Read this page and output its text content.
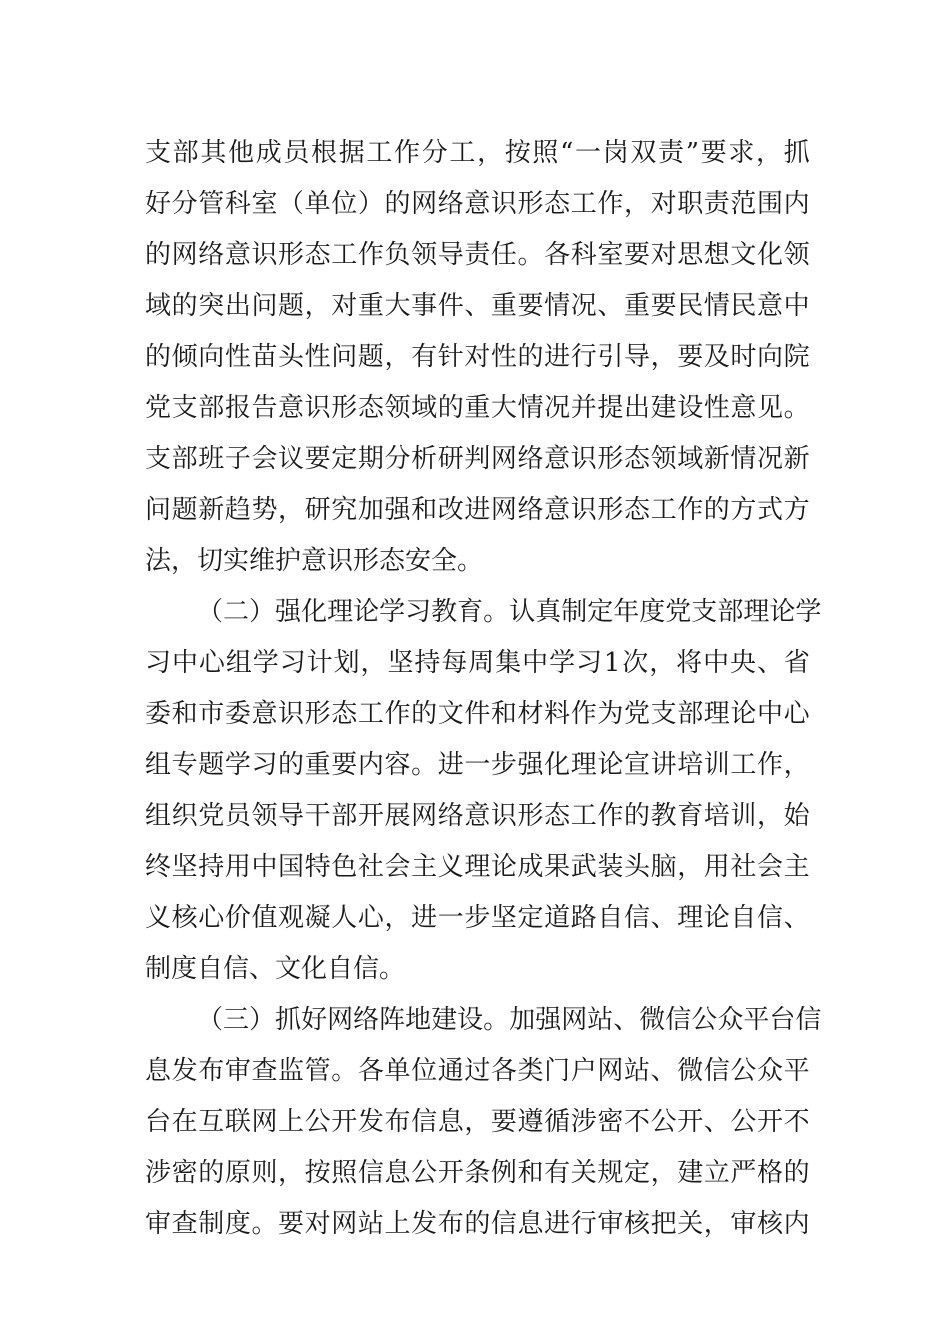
支 部 其 他 成 员 根 据 工 作 分 工 ， 按 照 “ 一 岗 双 责 ” 要 求 ， 抓
好 分 管 科 室 （ 单 位 ） 的 网 络 意 识 形 态 工 作 ， 对 职 责 范 围 内
的 网 络 意 识 形 态 工 作 负 领 导 责 任 。 各 科 室 要 对 思 想 文 化 领
域 的 突 出 问 题 ， 对 重 大 事 件 、 重 要 情 况 、 重 要 民 情 民 意 中
的 倾 向 性 苗 头 性 问 题 ， 有 针 对 性 的 进 行 引 导 ， 要 及 时 向 院
党 支 部 报 告 意 识 形 态 领 域 的 重 大 情 况 并 提 出 建 设 性 意 见 。
支 部 班 子 会 议 要 定 期 分 析 研 判 网 络 意 识 形 态 领 域 新 情 况 新
问 题 新 趋 势 ， 研 究 加 强 和 改 进 网 络 意 识 形 态 工 作 的 方 式 方
法，切实维护意识形态安全。
（ 二 ） 强 化 理 论 学 习 教 育 。 认 真 制 定 年 度 党 支 部 理 论 学
习 中 心 组 学 习 计 划 ， 坚 持 每 周 集 中 学 习 1 次 ， 将 中 央 、 省
委 和 市 委 意 识 形 态 工 作 的 文 件 和 材 料 作 为 党 支 部 理 论 中 心
组 专 题 学 习 的 重 要 内 容 。 进 一 步 强 化 理 论 宣 讲 培 训 工 作 ，
组 织 党 员 领 导 干 部 开 展 网 络 意 识 形 态 工 作 的 教 育 培 训 ， 始
终 坚 持 用 中 国 特 色 社 会 主 义 理 论 成 果 武 装 头 脑 ， 用 社 会 主
义 核 心 价 值 观 凝 人 心 ， 进 一 步 坚 定 道 路 自 信 、 理 论 自 信 、
制度自信、文化自信。
（ 三 ） 抓 好 网 络 阵 地 建 设 。 加 强 网 站 、 微 信 公 众 平 台 信
息 发 布 审 查 监 管 。 各 单 位 通 过 各 类 门 户 网 站 、 微 信 公 众 平
台 在 互 联 网 上 公 开 发 布 信 息 ， 要 遵 循 涉 密 不 公 开 、 公 开 不
涉 密 的 原 则 ， 按 照 信 息 公 开 条 例 和 有 关 规 定 ， 建 立 严 格 的
审 查 制 度 。 要 对 网 站 上 发 布 的 信 息 进 行 审 核 把 关 ， 审 核 内
